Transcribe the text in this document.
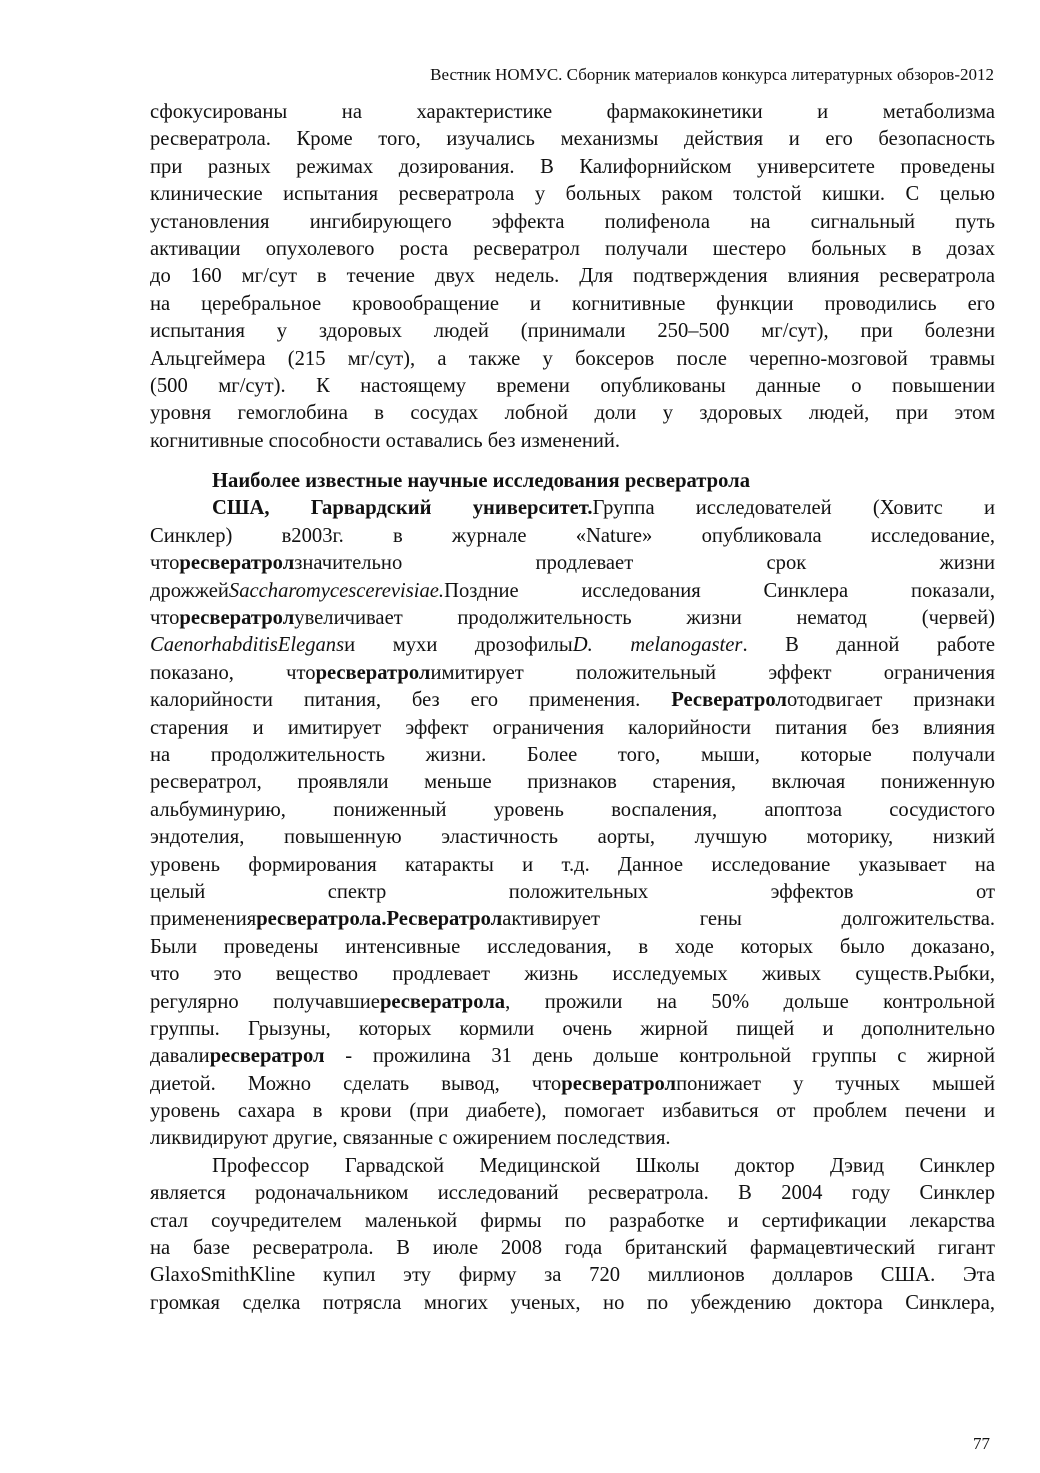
Вестник НОМУС. Сборник материалов конкурса литературных обзоров-2012
сфокусированы на характеристике фармакокинетики и метаболизма
ресвератрола. Кроме того, изучались механизмы действия и его безопасность
при разных режимах дозирования. В Калифорнийском университете проведены
клинические испытания ресвератрола у больных раком толстой кишки. С целью
установления ингибирующего эффекта полифенола на сигнальный путь
активации опухолевого роста ресвератрол получали шестеро больных в дозах
до 160 мг/сут в течение двух недель. Для подтверждения влияния ресвератрола
на церебральное кровообращение и когнитивные функции проводились его
испытания у здоровых людей (принимали 250–500 мг/сут), при болезни
Альцгеймера (215 мг/сут), а также у боксеров после черепно-мозговой травмы
(500 мг/сут). К настоящему времени опубликованы данные о повышении
уровня гемоглобина в сосудах лобной доли у здоровых людей, при этом
когнитивные способности оставались без изменений.
Наиболее известные научные исследования ресвератрола
США, Гарвардский университет.Группа исследователей (Ховитс и
Синклер) в2003г. в журнале «Nature» опубликовала исследование,
чторесвератролзначительно продлевает срок жизни
дрожжейSaccharomycescerevisiae.Поздние исследования Синклера показали,
чторесвератролувеличивает продолжительность жизни нематод (червей)
CaenorhabditisElegansи мухи дрозофилыD. melanogaster. В данной работе
показано, чторесвератролимитирует положительный эффект ограничения
калорийности питания, без его применения. Ресвератролотодвигает признаки
старения и имитирует эффект ограничения калорийности питания без влияния
на продолжительность жизни. Более того, мыши, которые получали
ресвератрол, проявляли меньше признаков старения, включая пониженную
альбуминурию, пониженный уровень воспаления, апоптоза сосудистого
эндотелия, повышенную эластичность аорты, лучшую моторику, низкий
уровень формирования катаракты и т.д. Данное исследование указывает на
целый спектр положительных эффектов от
примененияресвератрола.Ресвератролактивирует гены долгожительства.
Были проведены интенсивные исследования, в ходе которых было доказано,
что это вещество продлевает жизнь исследуемых живых существ.Рыбки,
регулярно получавшиересвератрола, прожили на 50% дольше контрольной
группы. Грызуны, которых кормили очень жирной пищей и дополнительно
давалиресвератрол - прожилина 31 день дольше контрольной группы с жирной
диетой. Можно сделать вывод, чторесвератролпонижает у тучных мышей
уровень сахара в крови (при диабете), помогает избавиться от проблем печени и
ликвидируют другие, связанные с ожирением последствия.
Профессор Гарвадской Медицинской Школы доктор Дэвид Синклер
является родоначальником исследований ресвератрола. В 2004 году Синклер
стал соучредителем маленькой фирмы по разработке и сертификации лекарства
на базе ресвератрола. В июле 2008 года британский фармацевтический гигант
GlaxoSmithKline купил эту фирму за 720 миллионов долларов США. Эта
громкая сделка потрясла многих ученых, но по убеждению доктора Синклера,
77
